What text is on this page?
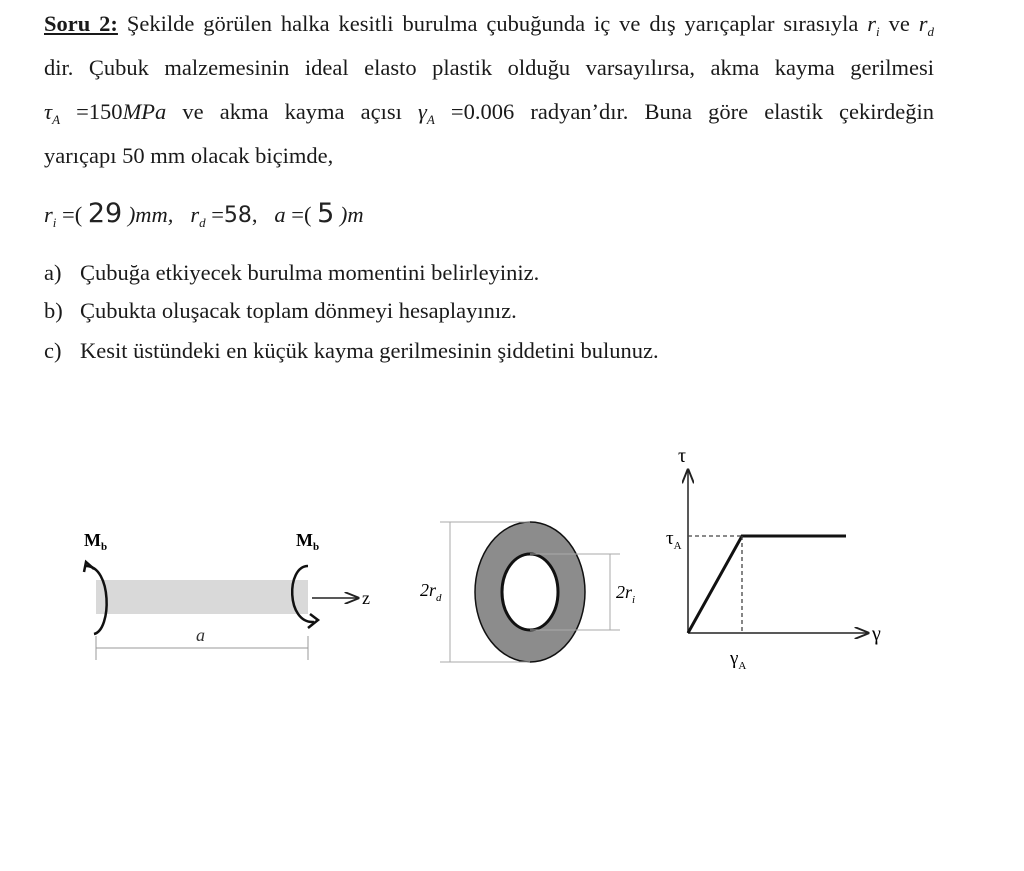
Soru 2: Şekilde görülen halka kesitli burulma çubuğunda iç ve dış yarıçaplar sırasıyla $r_i$ ve $r_d$
dir. Çubuk malzemesinin ideal elasto plastik olduğu varsayılırsa, akma kayma gerilmesi
$\tau_A =150MPa$ ve akma kayma açısı $\gamma_A =0.006$ radyan’dır. Buna göre elastik çekirdeğin
yarıçapı 50 mm olacak biçimde,
$r_i$ =( 29 )mm, $r_d =58$, a =( 5 )m
a) Çubuğa etkiyecek burulma momentini belirleyiniz.
b) Çubukta oluşacak toplam dönmeyi hesaplayınız.
c) Kesit üstündeki en küçük kayma gerilmesinin şiddetini bulunuz.
$M_b$	$M_b$
z
a
$2r_d$	$2r_i$
τ
γ
$\tau_A$
$\gamma_A$
